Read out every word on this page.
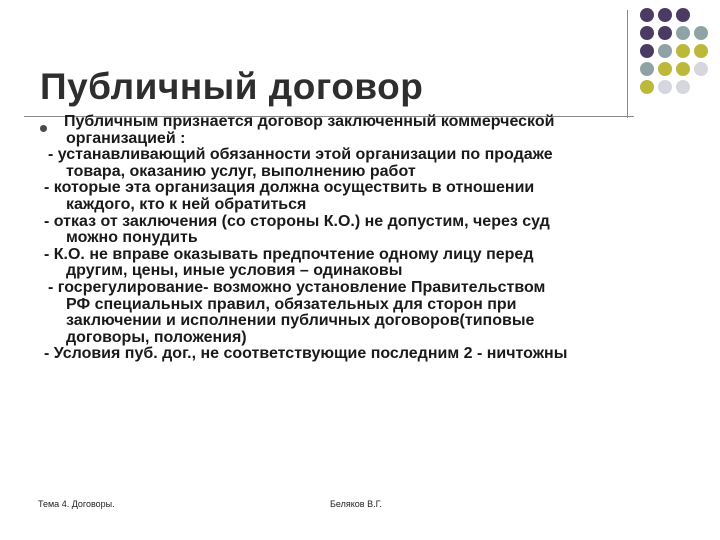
Публичный договор
Публичным признается договор заключенный коммерческой
организацией :
- устанавливающий обязанности этой организации по продаже
товара, оказанию услуг, выполнению работ
- которые эта организация должна осуществить в отношении
каждого, кто к ней обратиться
- отказ от заключения (со стороны К.О.) не допустим, через суд
можно понудить
- К.О. не вправе оказывать предпочтение одному лицу перед
другим, цены, иные условия – одинаковы
- госрегулирование- возможно установление Правительством
РФ специальных правил, обязательных для сторон при
заключении и исполнении публичных договоров(типовые
договоры, положения)
- Условия пуб. дог., не соответствующие последним 2 - ничтожны
Тема 4. Договоры.	Беляков В.Г.
